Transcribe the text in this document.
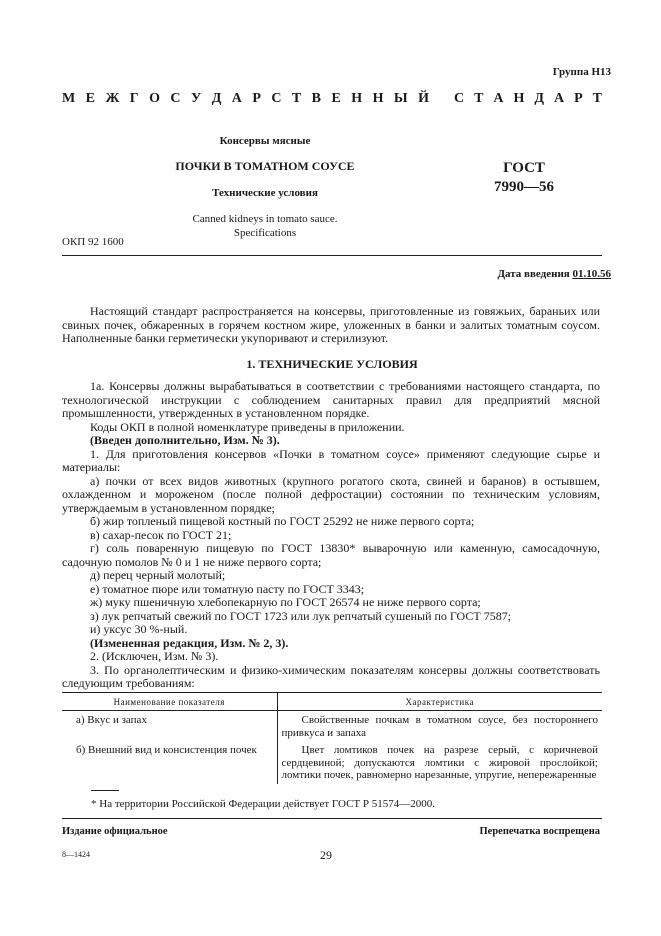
Группа Н13
М Е Ж Г О С У Д А Р С Т В Е Н Н Ы Й С Т А Н Д А Р Т
Консервы мясные
ПОЧКИ В ТОМАТНОМ СОУСЕ
Технические условия
Canned kidneys in tomato sauce.
Specifications
ГОСТ
7990—56
ОКП 92 1600
Дата введения 01.10.56

Настоящий стандарт распространяется на консервы, приготовленные из говяжьих, бараньих или свиных почек, обжаренных в горячем костном жире, уложенных в банки и залитых томатным соусом. Наполненные банки герметически укупоривают и стерилизуют.

1. ТЕХНИЧЕСКИЕ УСЛОВИЯ

1а. Консервы должны вырабатываться в соответствии с требованиями настоящего стандарта, по технологической инструкции с соблюдением санитарных правил для предприятий мясной промышленности, утвержденных в установленном порядке.

Коды ОКП в полной номенклатуре приведены в приложении.

(Введен дополнительно, Изм. № 3).

1. Для приготовления консервов «Почки в томатном соусе» применяют следующие сырье и материалы:

а) почки от всех видов животных (крупного рогатого скота, свиней и баранов) в остывшем, охлажденном и мороженом (после полной дефростации) состоянии по техническим условиям, утверждаемым в установленном порядке;

б) жир топленый пищевой костный по ГОСТ 25292 не ниже первого сорта;

в) сахар-песок по ГОСТ 21;

г) соль поваренную пищевую по ГОСТ 13830* выварочную или каменную, самосадочную, садочную помолов № 0 и 1 не ниже первого сорта;

д) перец черный молотый;

е) томатное пюре или томатную пасту по ГОСТ 3343;

ж) муку пшеничную хлебопекарную по ГОСТ 26574 не ниже первого сорта;

з) лук репчатый свежий по ГОСТ 1723 или лук репчатый сушеный по ГОСТ 7587;

и) уксус 30 %-ный.

(Измененная редакция, Изм. № 2, 3).

2. (Исключен, Изм. № 3).

3. По органолептическим и физико-химическим показателям консервы должны соответствовать следующим требованиям:

Наименование показателя	Характеристика
а) Вкус и запах	Свойственные почкам в томатном соусе, без постороннего привкуса и запаха
б) Внешний вид и консистенция почек	Цвет ломтиков почек на разрезе серый, с коричневой сердцевиной; допускаются ломтики с жировой прослойкой; ломтики почек, равномерно нарезанные, упругие, непережаренные
* На территории Российской Федерации действует ГОСТ Р 51574—2000.
Издание официальное	Перепечатка воспрещена
8—1424	29
